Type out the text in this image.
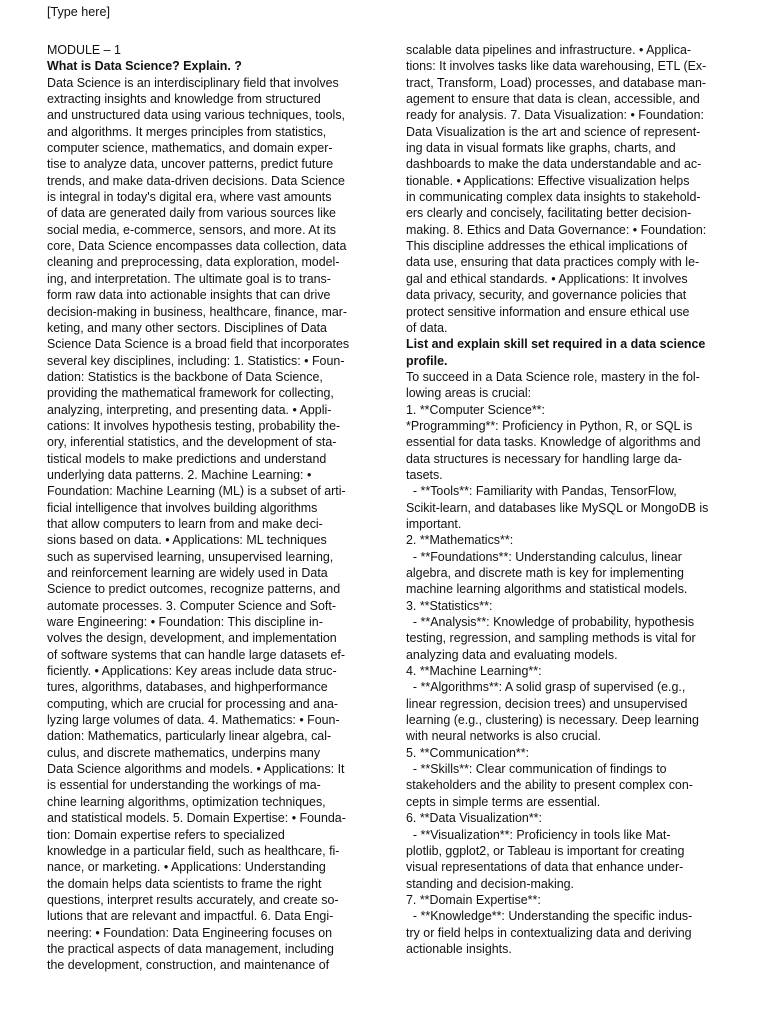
[Type here]
MODULE – 1
What is Data Science? Explain. ?
Data Science is an interdisciplinary field that involves
extracting insights and knowledge from structured
and unstructured data using various techniques, tools,
and algorithms. It merges principles from statistics,
computer science, mathematics, and domain exper-
tise to analyze data, uncover patterns, predict future
trends, and make data-driven decisions. Data Science
is integral in today's digital era, where vast amounts
of data are generated daily from various sources like
social media, e-commerce, sensors, and more. At its
core, Data Science encompasses data collection, data
cleaning and preprocessing, data exploration, model-
ing, and interpretation. The ultimate goal is to trans-
form raw data into actionable insights that can drive
decision-making in business, healthcare, finance, mar-
keting, and many other sectors. Disciplines of Data
Science Data Science is a broad field that incorporates
several key disciplines, including: 1. Statistics: • Foun-
dation: Statistics is the backbone of Data Science,
providing the mathematical framework for collecting,
analyzing, interpreting, and presenting data. • Appli-
cations: It involves hypothesis testing, probability the-
ory, inferential statistics, and the development of sta-
tistical models to make predictions and understand
underlying data patterns. 2. Machine Learning: •
Foundation: Machine Learning (ML) is a subset of arti-
ficial intelligence that involves building algorithms
that allow computers to learn from and make deci-
sions based on data. • Applications: ML techniques
such as supervised learning, unsupervised learning,
and reinforcement learning are widely used in Data
Science to predict outcomes, recognize patterns, and
automate processes. 3. Computer Science and Soft-
ware Engineering: • Foundation: This discipline in-
volves the design, development, and implementation
of software systems that can handle large datasets ef-
ficiently. • Applications: Key areas include data struc-
tures, algorithms, databases, and highperformance
computing, which are crucial for processing and ana-
lyzing large volumes of data. 4. Mathematics: • Foun-
dation: Mathematics, particularly linear algebra, cal-
culus, and discrete mathematics, underpins many
Data Science algorithms and models. • Applications: It
is essential for understanding the workings of ma-
chine learning algorithms, optimization techniques,
and statistical models. 5. Domain Expertise: • Founda-
tion: Domain expertise refers to specialized
knowledge in a particular field, such as healthcare, fi-
nance, or marketing. • Applications: Understanding
the domain helps data scientists to frame the right
questions, interpret results accurately, and create so-
lutions that are relevant and impactful. 6. Data Engi-
neering: • Foundation: Data Engineering focuses on
the practical aspects of data management, including
the development, construction, and maintenance of
scalable data pipelines and infrastructure. • Applica-
tions: It involves tasks like data warehousing, ETL (Ex-
tract, Transform, Load) processes, and database man-
agement to ensure that data is clean, accessible, and
ready for analysis. 7. Data Visualization: • Foundation:
Data Visualization is the art and science of represent-
ing data in visual formats like graphs, charts, and
dashboards to make the data understandable and ac-
tionable. • Applications: Effective visualization helps
in communicating complex data insights to stakehold-
ers clearly and concisely, facilitating better decision-
making. 8. Ethics and Data Governance: • Foundation:
This discipline addresses the ethical implications of
data use, ensuring that data practices comply with le-
gal and ethical standards. • Applications: It involves
data privacy, security, and governance policies that
protect sensitive information and ensure ethical use
of data.
List and explain skill set required in a data science
profile.
To succeed in a Data Science role, mastery in the fol-
lowing areas is crucial:
1. **Computer Science**:
*Programming**: Proficiency in Python, R, or SQL is
essential for data tasks. Knowledge of algorithms and
data structures is necessary for handling large da-
tasets.
- **Tools**: Familiarity with Pandas, TensorFlow,
Scikit-learn, and databases like MySQL or MongoDB is
important.
2. **Mathematics**:
- **Foundations**: Understanding calculus, linear
algebra, and discrete math is key for implementing
machine learning algorithms and statistical models.
3. **Statistics**:
- **Analysis**: Knowledge of probability, hypothesis
testing, regression, and sampling methods is vital for
analyzing data and evaluating models.
4. **Machine Learning**:
- **Algorithms**: A solid grasp of supervised (e.g.,
linear regression, decision trees) and unsupervised
learning (e.g., clustering) is necessary. Deep learning
with neural networks is also crucial.
5. **Communication**:
- **Skills**: Clear communication of findings to
stakeholders and the ability to present complex con-
cepts in simple terms are essential.
6. **Data Visualization**:
- **Visualization**: Proficiency in tools like Mat-
plotlib, ggplot2, or Tableau is important for creating
visual representations of data that enhance under-
standing and decision-making.
7. **Domain Expertise**:
- **Knowledge**: Understanding the specific indus-
try or field helps in contextualizing data and deriving
actionable insights.
